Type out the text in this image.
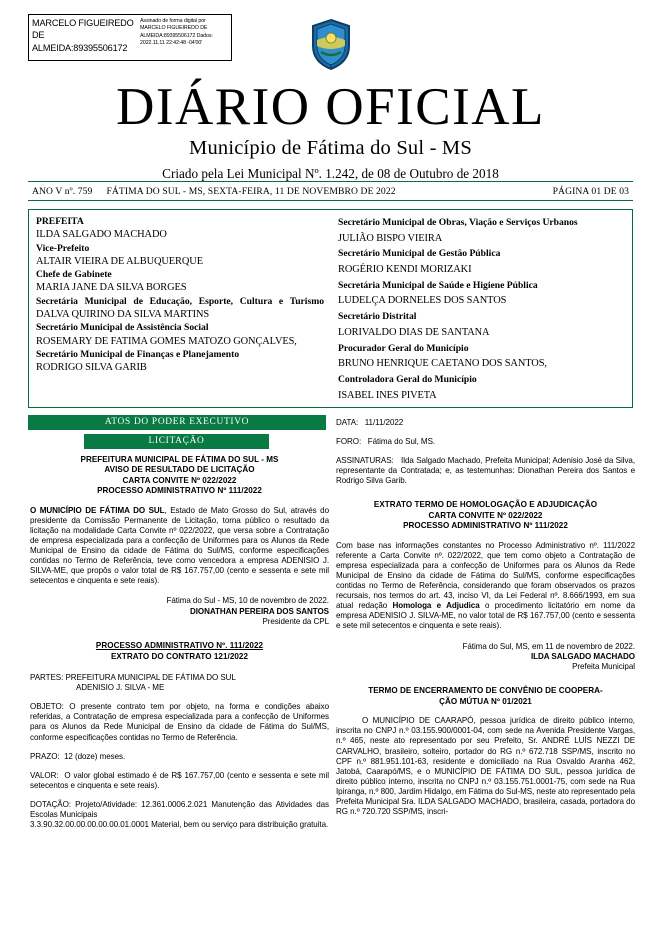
MARCELO FIGUEIREDO DE ALMEIDA:89395506172
Assinado de forma digital por MARCELO FIGUEIREDO DE ALMEIDA:89395506172 Dados: 2022.11.11 22:42:48 -04'00'
DIÁRIO OFICIAL
Município de Fátima do Sul - MS
Criado pela Lei Municipal Nº. 1.242, de 08 de Outubro de 2018
ANO V nº. 759	FÁTIMA DO SUL - MS, SEXTA-FEIRA, 11 DE NOVEMBRO DE 2022	PÁGINA 01 DE 03
PREFEITA
ILDA SALGADO MACHADO
Vice-Prefeito
ALTAIR VIEIRA DE ALBUQUERQUE
Chefe de Gabinete
MARIA JANE DA SILVA BORGES
Secretária Municipal de Educação, Esporte, Cultura e Turismo
DALVA QUIRINO DA SILVA MARTINS
Secretário Municipal de Assistência Social
ROSEMARY DE FATIMA GOMES MATOZO GONÇALVES,
Secretário Municipal de Finanças e Planejamento
RODRIGO SILVA GARIB
Secretário Municipal de Obras, Viação e Serviços Urbanos
JULIÃO BISPO VIEIRA
Secretário Municipal de Gestão Pública
ROGÉRIO KENDI MORIZAKI
Secretária Municipal de Saúde e Higiene Pública
LUDELÇA DORNELES DOS SANTOS
Secretário Distrital
LORIVALDO DIAS DE SANTANA
Procurador Geral do Município
BRUNO HENRIQUE CAETANO DOS SANTOS,
Controladora Geral do Município
ISABEL INES PIVETA
ATOS DO PODER EXECUTIVO
LICITAÇÃO
PREFEITURA MUNICIPAL DE FÁTIMA DO SUL - MS
AVISO DE RESULTADO DE LICITAÇÃO
CARTA CONVITE Nº 022/2022
PROCESSO ADMINISTRATIVO Nº 111/2022
O MUNICÍPIO DE FÁTIMA DO SUL, Estado de Mato Grosso do Sul, através do presidente da Comissão Permanente de Licitação, torna público o resultado da licitação na modalidade Carta Convite nº 022/2022, que versa sobre a Contratação de empresa especializada para a confecção de Uniformes para os Alunos da Rede Municipal de Ensino da cidade de Fátima do Sul/MS, conforme especificações contidas no Termo de Referência, teve como vencedora a empresa ADENISIO J. SILVA-ME, que propôs o valor total de R$ 167.757,00 (cento e sessenta e sete mil setecentos e cinquenta e sete reais).
Fátima do Sul - MS, 10 de novembro de 2022.
DIONATHAN PEREIRA DOS SANTOS
Presidente da CPL
PROCESSO ADMINISTRATIVO Nº. 111/2022
EXTRATO DO CONTRATO 121/2022
PARTES: PREFEITURA MUNICIPAL DE FÁTIMA DO SUL
ADENISIO J. SILVA - ME
OBJETO: O presente contrato tem por objeto, na forma e condições abaixo referidas, a Contratação de empresa especializada para a confecção de Uniformes para os Alunos da Rede Municipal de Ensino da cidade de Fátima do Sul/MS, conforme especificações contidas no Termo de Referência.
PRAZO: 12 (doze) meses.
VALOR: O valor global estimado é de R$ 167.757,00 (cento e sessenta e sete mil setecentos e cinquenta e sete reais).
DOTAÇÃO: Projeto/Atividade: 12.361.0006.2.021 Manutenção das Atividades das Escolas Municipais
3.3.90.32.00.00.00.00.00.01.0001 Material, bem ou serviço para distribuição gratuita.
DATA: 11/11/2022
FORO: Fátima do Sul, MS.
ASSINATURAS: Ilda Salgado Machado, Prefeita Municipal; Adenisio José da Silva, representante da Contratada; e, as testemunhas: Dionathan Pereira dos Santos e Rodrigo Silva Garib.
EXTRATO TERMO DE HOMOLOGAÇÃO E ADJUDICAÇÃO
CARTA CONVITE Nº 022/2022
PROCESSO ADMINISTRATIVO Nº 111/2022
Com base nas informações constantes no Processo Administrativo nº. 111/2022 referente a Carta Convite nº. 022/2022, que tem como objeto a Contratação de empresa especializada para a confecção de Uniformes para os Alunos da Rede Municipal de Ensino da cidade de Fátima do Sul/MS, conforme especificações contidas no Termo de Referência, considerando que foram observados os prazos recursais, nos termos do art. 43, inciso VI, da Lei Federal nº. 8.666/1993, em sua atual redação Homologa e Adjudica o procedimento licitatório em nome da empresa ADENISIO J. SILVA-ME, no valor total de R$ 167.757,00 (cento e sessenta e sete mil setecentos e cinquenta e sete reais).
Fátima do Sul, MS, em 11 de novembro de 2022.
ILDA SALGADO MACHADO
Prefeita Municipal
TERMO DE ENCERRAMENTO DE CONVÊNIO DE COOPERA-
ÇÃO MÚTUA Nº 01/2021
O MUNICÍPIO DE CAARAPÓ, pessoa jurídica de direito público interno, inscrita no CNPJ n.º 03.155.900/0001-04, com sede na Avenida Presidente Vargas, n.º 465, neste ato representado por seu Prefeito, Sr. ANDRÉ LUÍS NEZZI DE CARVALHO, brasileiro, solteiro, portador do RG n.º 672.718 SSP/MS, inscrito no CPF n.º 881.951.101-63, residente e domiciliado na Rua Osvaldo Aranha 462, Jatobá, Caarapó/MS, e o MUNICÍPIO DE FÁTIMA DO SUL, pessoa jurídica de direito público interno, inscrita no CNPJ n.º 03.155.751.0001-75, com sede na Rua Ipiranga, n.º 800, Jardim Hidalgo, em Fátima do Sul-MS, neste ato representado pela Prefeita Municipal Sra. ILDA SALGADO MACHADO, brasileira, casada, portadora do RG n.º 720.720 SSP/MS, inscri-
